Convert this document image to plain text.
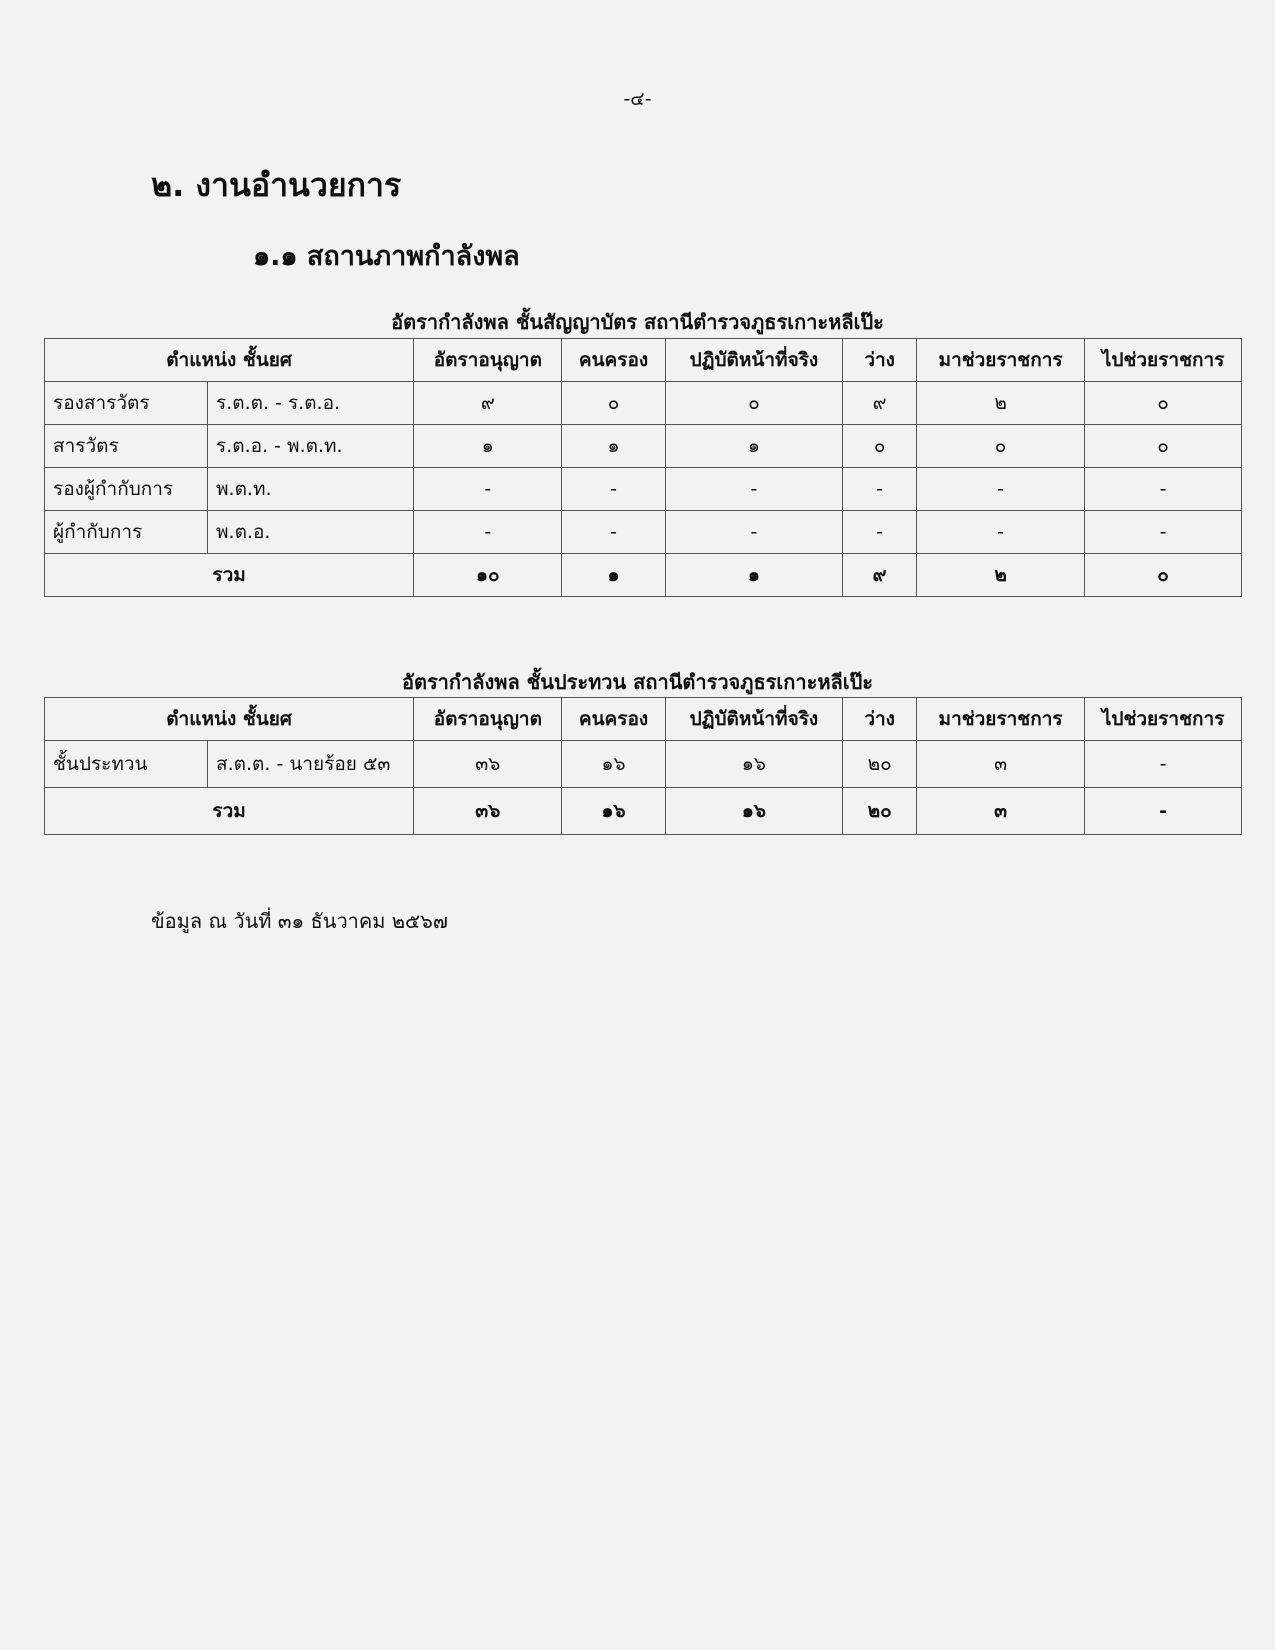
-๔-
๒. งานอำนวยการ
๑.๑ สถานภาพกำลังพล
อัตรากำลังพล ชั้นสัญญาบัตร สถานีตำรวจภูธรเกาะหลีเป๊ะ
ตำแหน่ง ชั้นยศ		อัตราอนุญาต	คนครอง	ปฏิบัติหน้าที่จริง	ว่าง	มาช่วยราชการ	ไปช่วยราชการ
รองสารวัตร	ร.ต.ต. - ร.ต.อ.	๙	๐	๐	๙	๒	๐
สารวัตร	ร.ต.อ. - พ.ต.ท.	๑	๑	๑	๐	๐	๐
รองผู้กำกับการ	พ.ต.ท.	-	-	-	-	-	-
ผู้กำกับการ	พ.ต.อ.	-	-	-	-	-	-
รวม		๑๐	๑	๑	๙	๒	๐
อัตรากำลังพล ชั้นประทวน สถานีตำรวจภูธรเกาะหลีเป๊ะ
ตำแหน่ง ชั้นยศ		อัตราอนุญาต	คนครอง	ปฏิบัติหน้าที่จริง	ว่าง	มาช่วยราชการ	ไปช่วยราชการ
ชั้นประทวน	ส.ต.ต. - นายร้อย ๕๓	๓๖	๑๖	๑๖	๒๐	๓	-
รวม		๓๖	๑๖	๑๖	๒๐	๓	-
ข้อมูล ณ วันที่ ๓๑ ธันวาคม ๒๕๖๗
